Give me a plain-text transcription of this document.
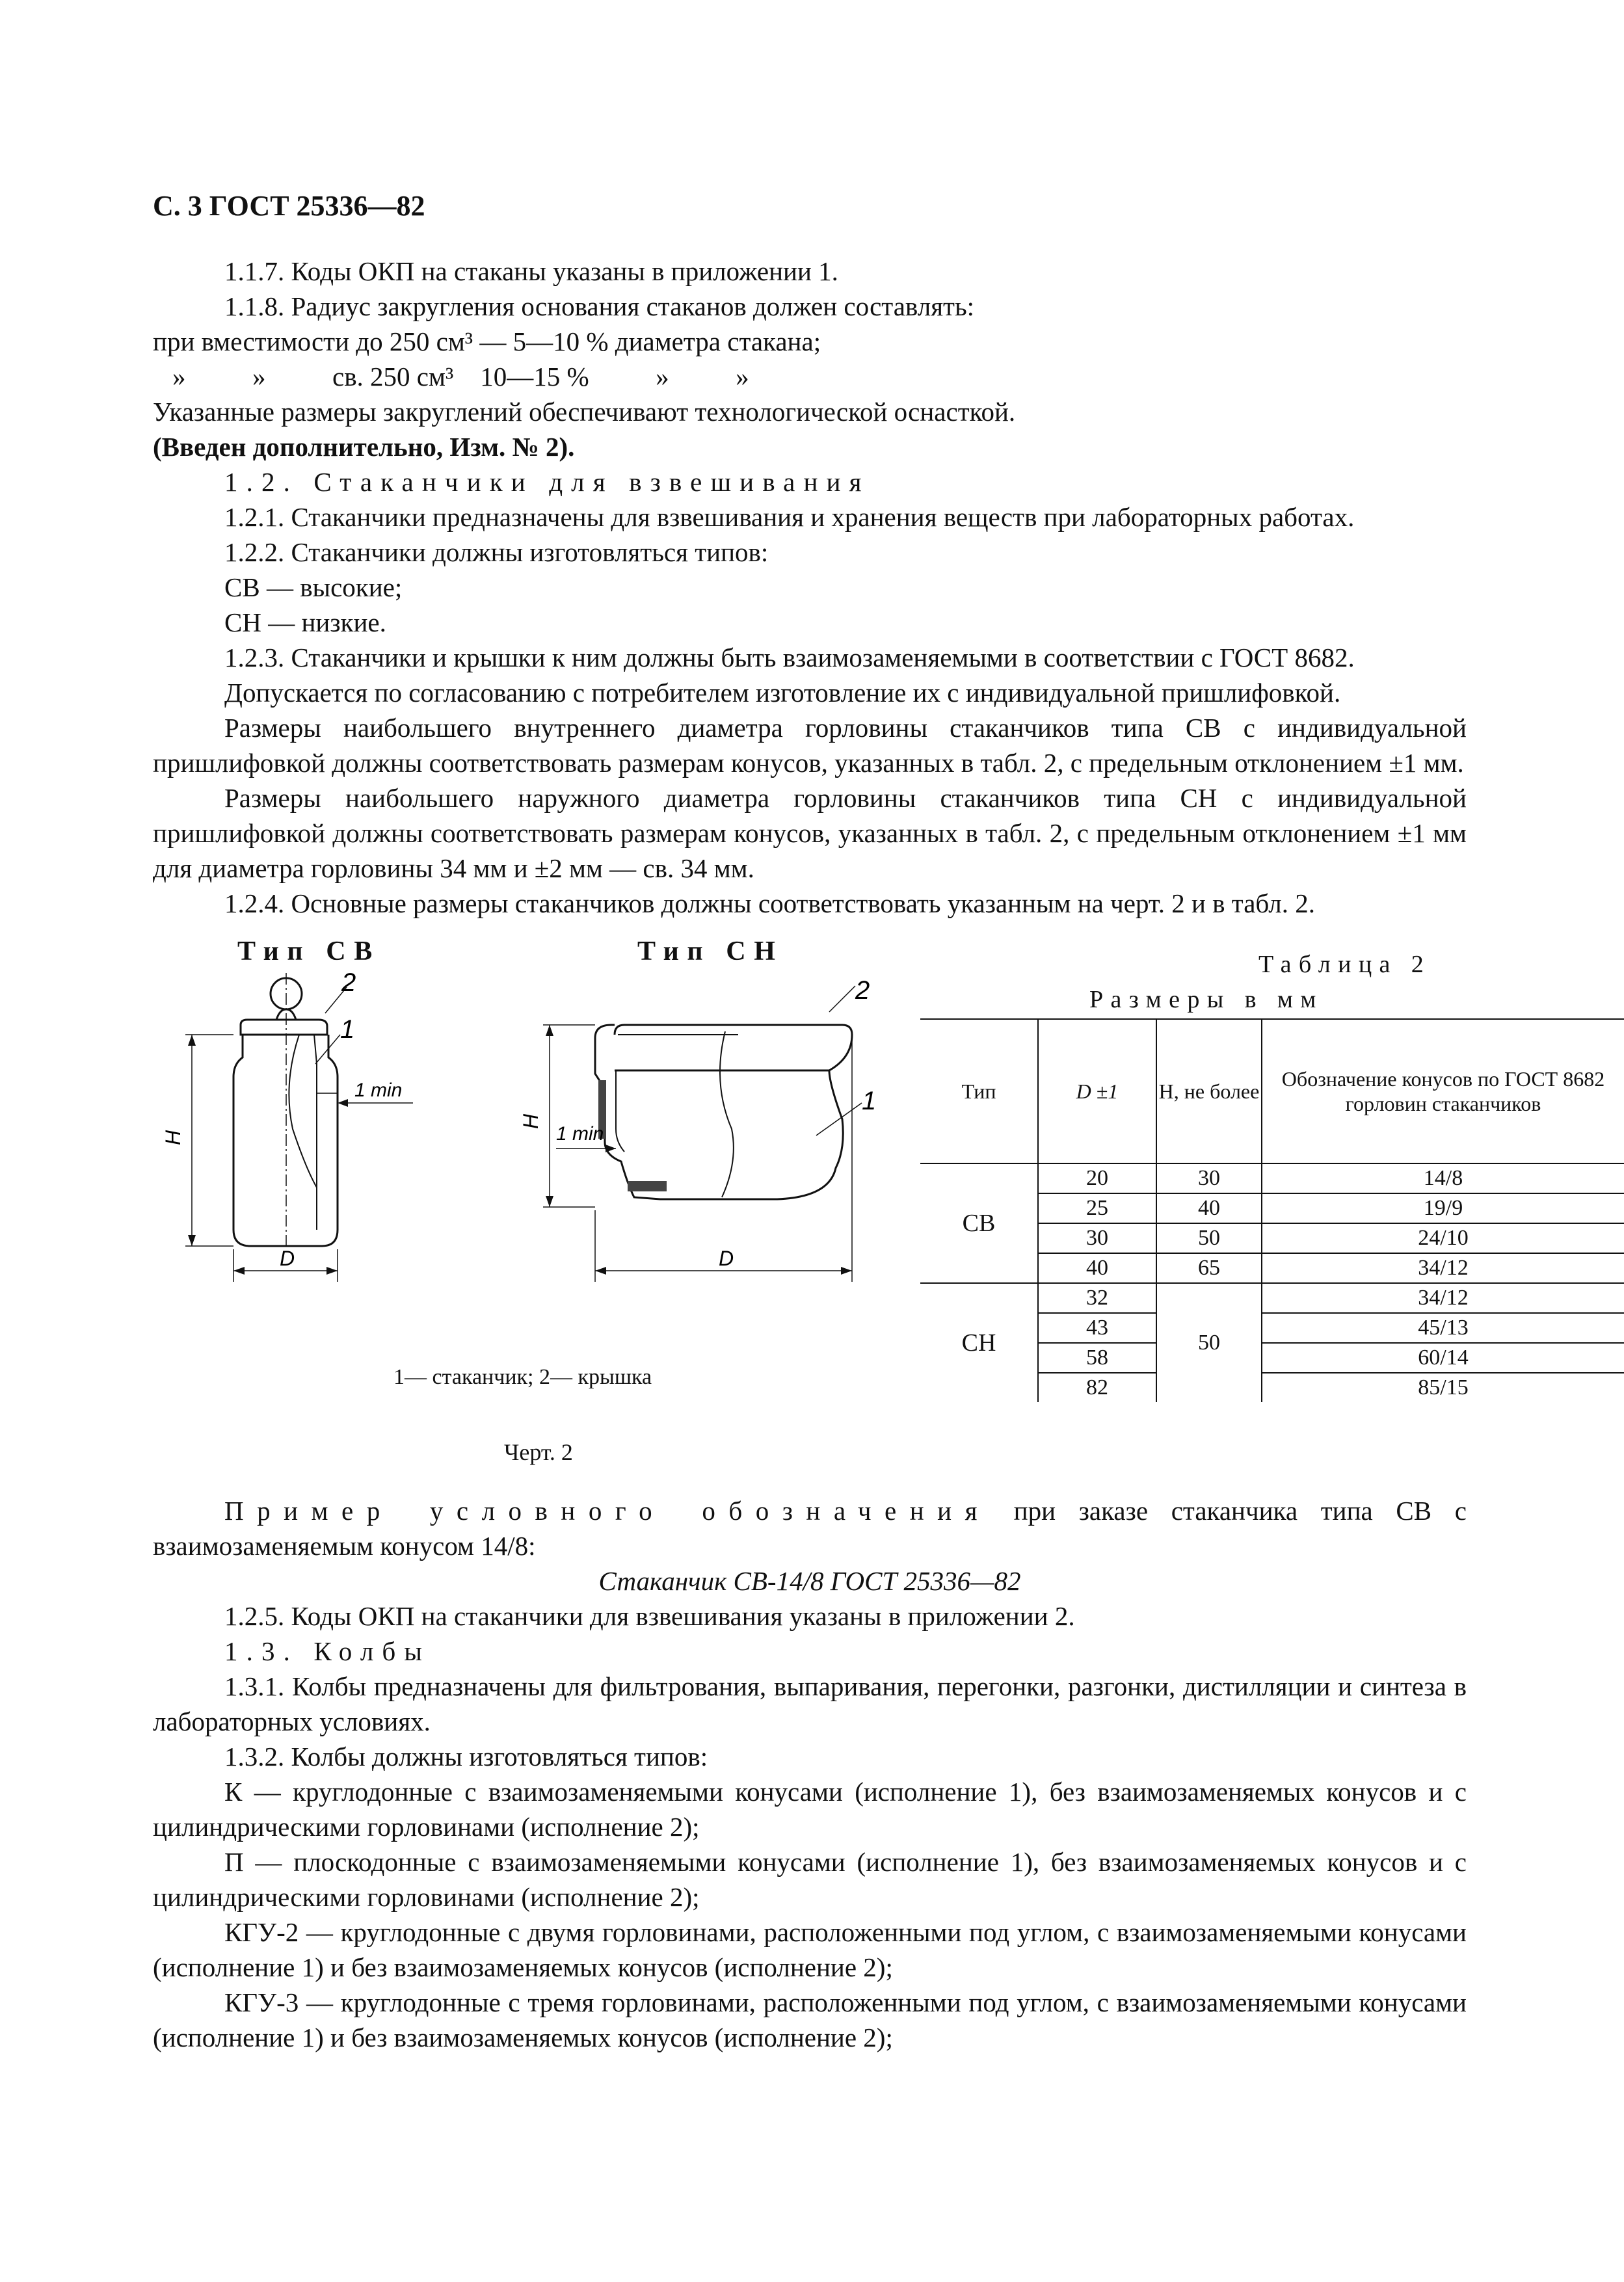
С. 3 ГОСТ 25336—82

1.1.7. Коды ОКП на стаканы указаны в приложении 1.

1.1.8. Радиус закругления основания стаканов должен составлять:

при вместимости до 250 см³ — 5—10 % диаметра стакана;

»          »          св. 250 см³    10—15 %          »          »

Указанные размеры закруглений обеспечивают технологической оснасткой.

(Введен дополнительно, Изм. № 2).

1.2. Стаканчики для взвешивания

1.2.1. Стаканчики предназначены для взвешивания и хранения веществ при лабораторных работах.

1.2.2. Стаканчики должны изготовляться типов:

СВ — высокие;

СН — низкие.

1.2.3. Стаканчики и крышки к ним должны быть взаимозаменяемыми в соответствии с ГОСТ 8682.

Допускается по согласованию с потребителем изготовление их с индивидуальной пришлифовкой.

Размеры наибольшего внутреннего диаметра горловины стаканчиков типа СВ с индивидуальной пришлифовкой должны соответствовать размерам конусов, указанных в табл. 2, с предельным отклонением ±1 мм.

Размеры наибольшего наружного диаметра горловины стаканчиков типа СН с индивидуальной пришлифовкой должны соответствовать размерам конусов, указанных в табл. 2, с предельным отклонением ±1 мм для диаметра горловины 34 мм и ±2 мм — св. 34 мм.

1.2.4. Основные размеры стаканчиков должны соответствовать указанным на черт. 2 и в табл. 2.

Тип СВ	Тип СН
2
1
1 min
H
D
2
1
1 min
H
D
1— стаканчик; 2— крышка
Черт. 2
Таблица 2
Размеры в мм
Тип	D ±1	H, не более	Обозначение конусов по ГОСТ 8682 горловин стаканчиков
СВ	20	30	14/8
	25	40	19/9
	30	50	24/10
	40	65	34/12
СН	32	50	34/12
	43		45/13
	58		60/14
	82		85/15

Пример условного обозначения при заказе стаканчика типа СВ с взаимозаменяемым конусом 14/8:

Стаканчик СВ-14/8 ГОСТ 25336—82

1.2.5. Коды ОКП на стаканчики для взвешивания указаны в приложении 2.

1.3. Колбы

1.3.1. Колбы предназначены для фильтрования, выпаривания, перегонки, разгонки, дистилляции и синтеза в лабораторных условиях.

1.3.2. Колбы должны изготовляться типов:

К — круглодонные с взаимозаменяемыми конусами (исполнение 1), без взаимозаменяемых конусов и с цилиндрическими горловинами (исполнение 2);

П — плоскодонные с взаимозаменяемыми конусами (исполнение 1), без взаимозаменяемых конусов и с цилиндрическими горловинами (исполнение 2);

КГУ-2 — круглодонные с двумя горловинами, расположенными под углом, с взаимозаменяемыми конусами (исполнение 1) и без взаимозаменяемых конусов (исполнение 2);

КГУ-3 — круглодонные с тремя горловинами, расположенными под углом, с взаимозаменяемыми конусами (исполнение 1) и без взаимозаменяемых конусов (исполнение 2);
